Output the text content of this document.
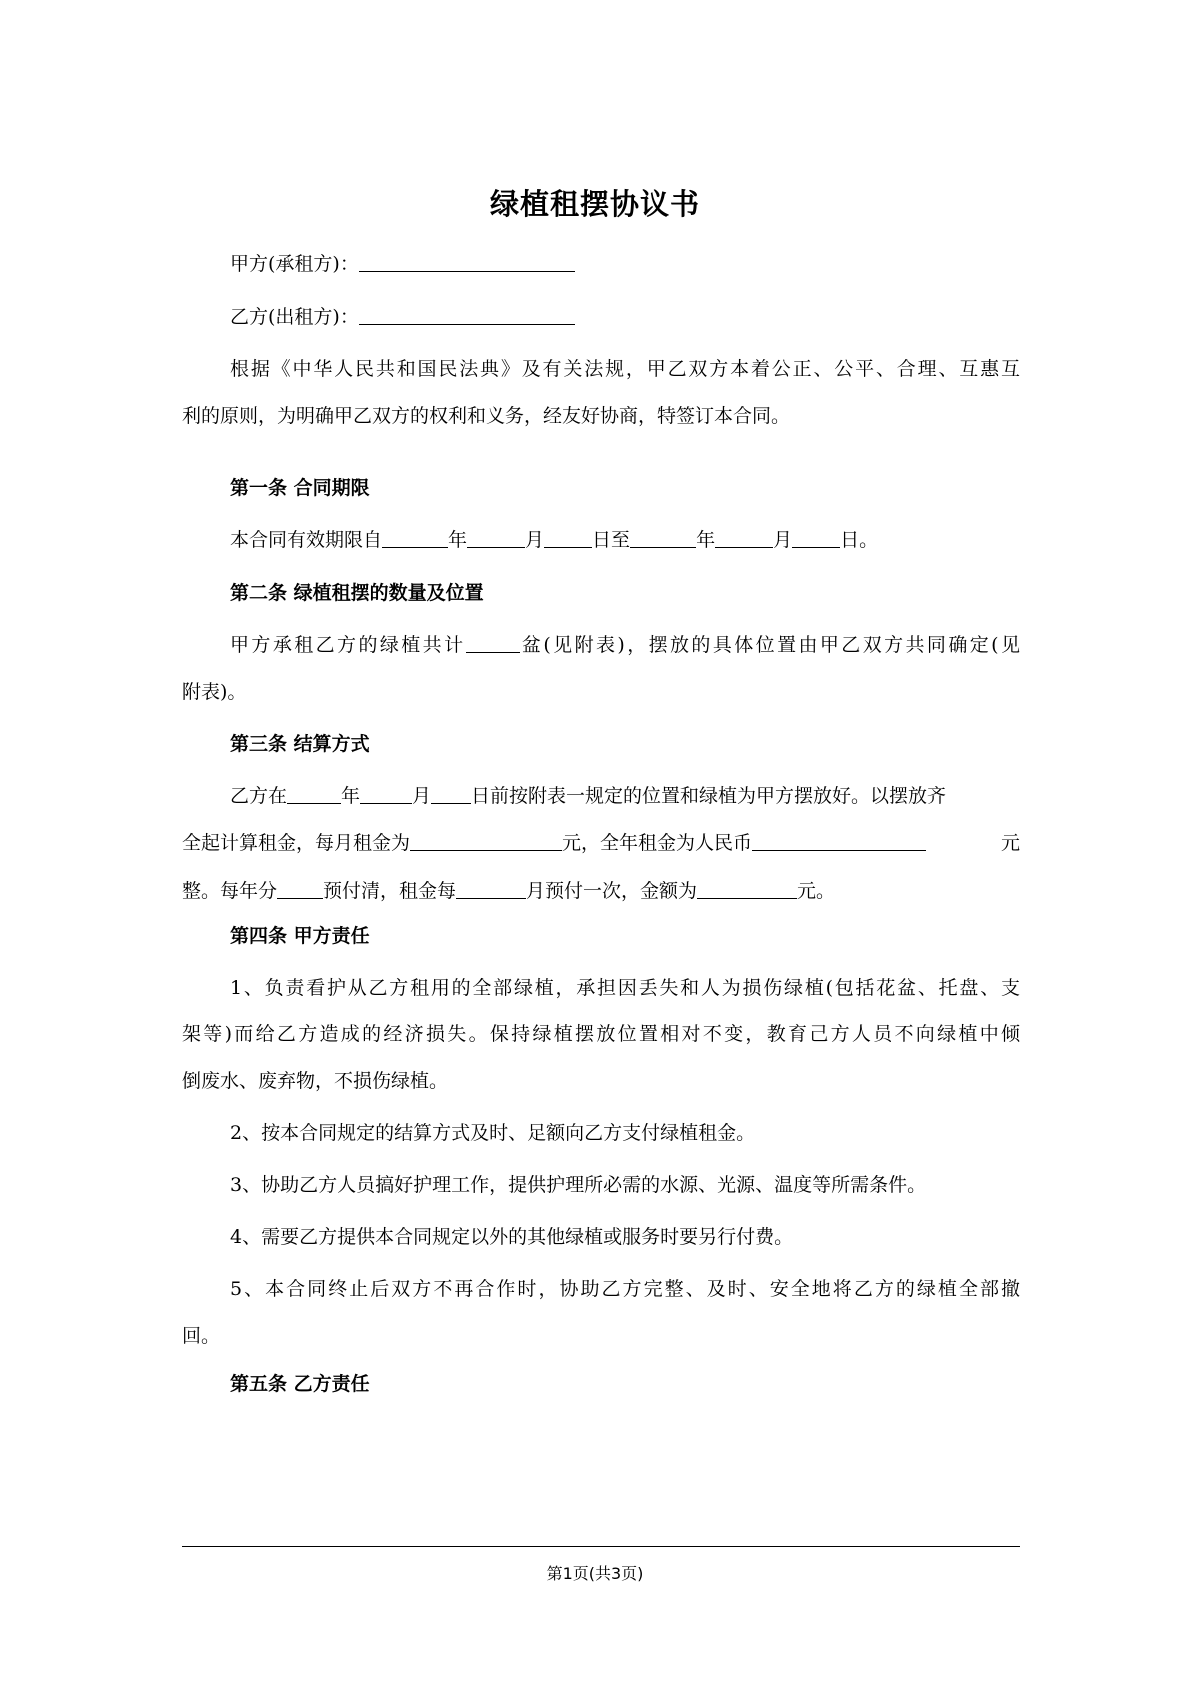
绿植租摆协议书
甲方(承租方)：
乙方(出租方)：
根据《中华人民共和国民法典》及有关法规，甲乙双方本着公正、公平、合理、互惠互
利的原则，为明确甲乙双方的权利和义务，经友好协商，特签订本合同。
第一条 合同期限
本合同有效期限自	年	月	日至	年	月	日。
第二条 绿植租摆的数量及位置
甲方承租乙方的绿植共计	盆(见附表)，摆放的具体位置由甲乙双方共同确定(见
附表)。
第三条 结算方式
乙方在	年	月 日前按附表一规定的位置和绿植为甲方摆放好。以摆放齐
全起计算租金，每月租金为	元，全年租金为人民币	元
整。每年分 预付清，租金每	月预付一次，金额为	元。
第四条 甲方责任
1、负责看护从乙方租用的全部绿植，承担因丢失和人为损伤绿植(包括花盆、托盘、支
架等)而给乙方造成的经济损失。保持绿植摆放位置相对不变，教育己方人员不向绿植中倾
倒废水、废弃物，不损伤绿植。
2、按本合同规定的结算方式及时、足额向乙方支付绿植租金。
3、协助乙方人员搞好护理工作，提供护理所必需的水源、光源、温度等所需条件。
4、需要乙方提供本合同规定以外的其他绿植或服务时要另行付费。
5、本合同终止后双方不再合作时，协助乙方完整、及时、安全地将乙方的绿植全部撤
回。
第五条 乙方责任
第1页(共3页)
